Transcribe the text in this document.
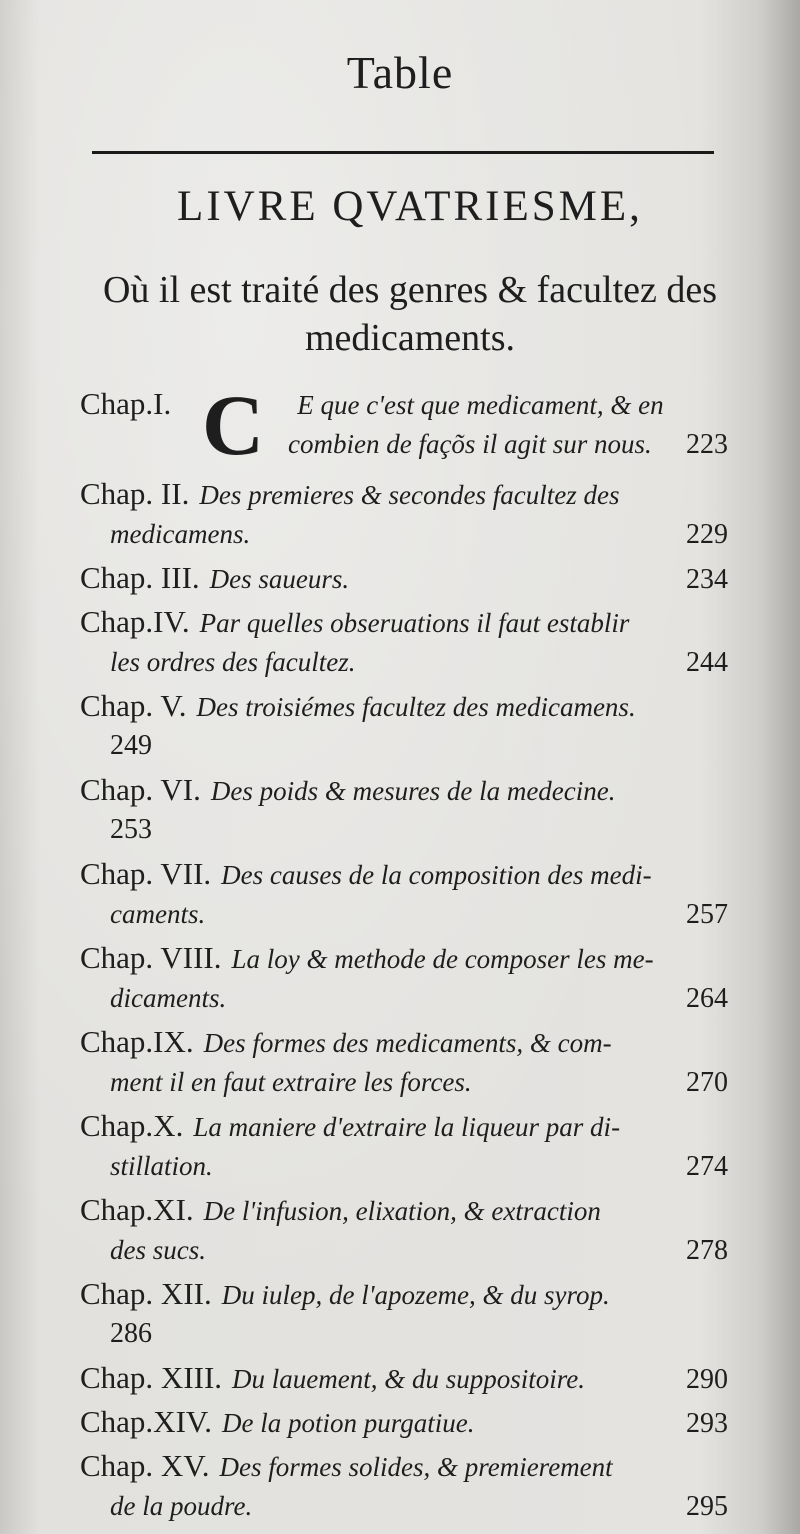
Table
LIVRE QVATRIESME,
Où il est traité des genres & facultez des medicaments.
C
Chap.I.	E que c'est que medicament, & en
combien de façõs il agit sur nous. 223
Chap. II. Des premieres & secondes facultez des
medicamens.	229
Chap. III. Des saueurs.	234
Chap.IV. Par quelles obseruations il faut establir
les ordres des facultez.	244
Chap. V. Des troisiémes facultez des medicamens.
249
Chap. VI. Des poids & mesures de la medecine.
253
Chap. VII. Des causes de la composition des medi-
caments.	257
Chap. VIII. La loy & methode de composer les me-
dicaments.	264
Chap.IX. Des formes des medicaments, & com-
ment il en faut extraire les forces.	270
Chap.X. La maniere d'extraire la liqueur par di-
stillation.	274
Chap.XI. De l'infusion, elixation, & extraction
des sucs.	278
Chap. XII. Du iulep, de l'apozeme, & du syrop.
286
Chap. XIII. Du lauement, & du suppositoire.	290
Chap.XIV. De la potion purgatiue.	293
Chap. XV. Des formes solides, & premierement
de la poudre.	295
